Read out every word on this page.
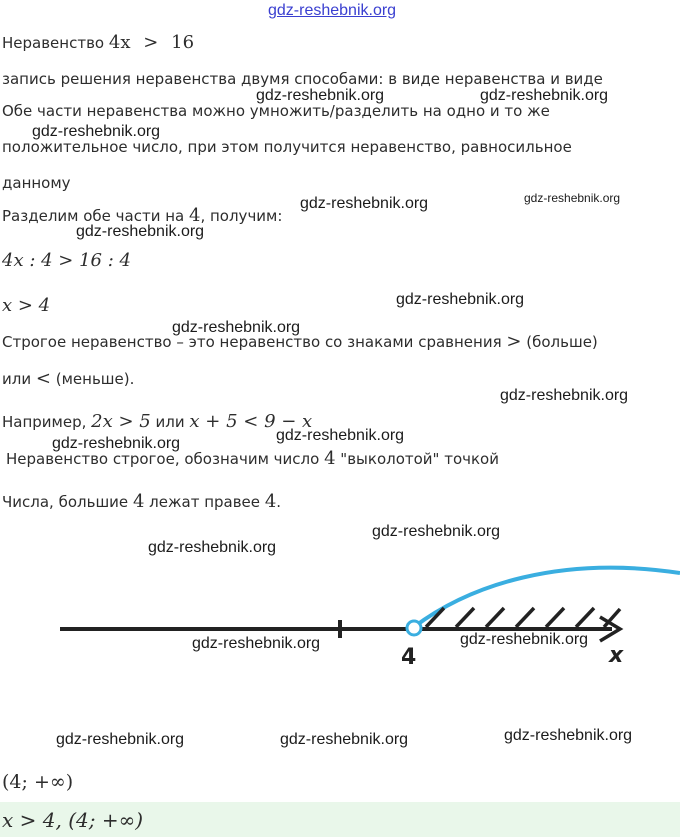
gdz-reshebnik.org
Неравенство 4x > 16
запись решения неравенства двумя способами: в виде неравенства и виде
Обе части неравенства можно умножить/разделить на одно и то же
положительное число, при этом получится неравенство, равносильное
данному
Разделим обе части на 4, получим:
4x : 4 > 16 : 4
x > 4
Строгое неравенство – это неравенство со знаками сравнения > (больше)
или < (меньше).
Например, 2x > 5 или x + 5 < 9 − x
Неравенство строгое, обозначим число 4 "выколотой" точкой
Числа, большие 4 лежат правее 4.
4	x
(4; +∞)
x > 4, (4; +∞)
gdz-reshebnik.org	gdz-reshebnik.org
gdz-reshebnik.org
gdz-reshebnik.org	gdz-reshebnik.org
gdz-reshebnik.org
gdz-reshebnik.org
gdz-reshebnik.org
gdz-reshebnik.org
gdz-reshebnik.org
gdz-reshebnik.org
gdz-reshebnik.org
gdz-reshebnik.org
gdz-reshebnik.org	gdz-reshebnik.org
gdz-reshebnik.org	gdz-reshebnik.org	gdz-reshebnik.org
